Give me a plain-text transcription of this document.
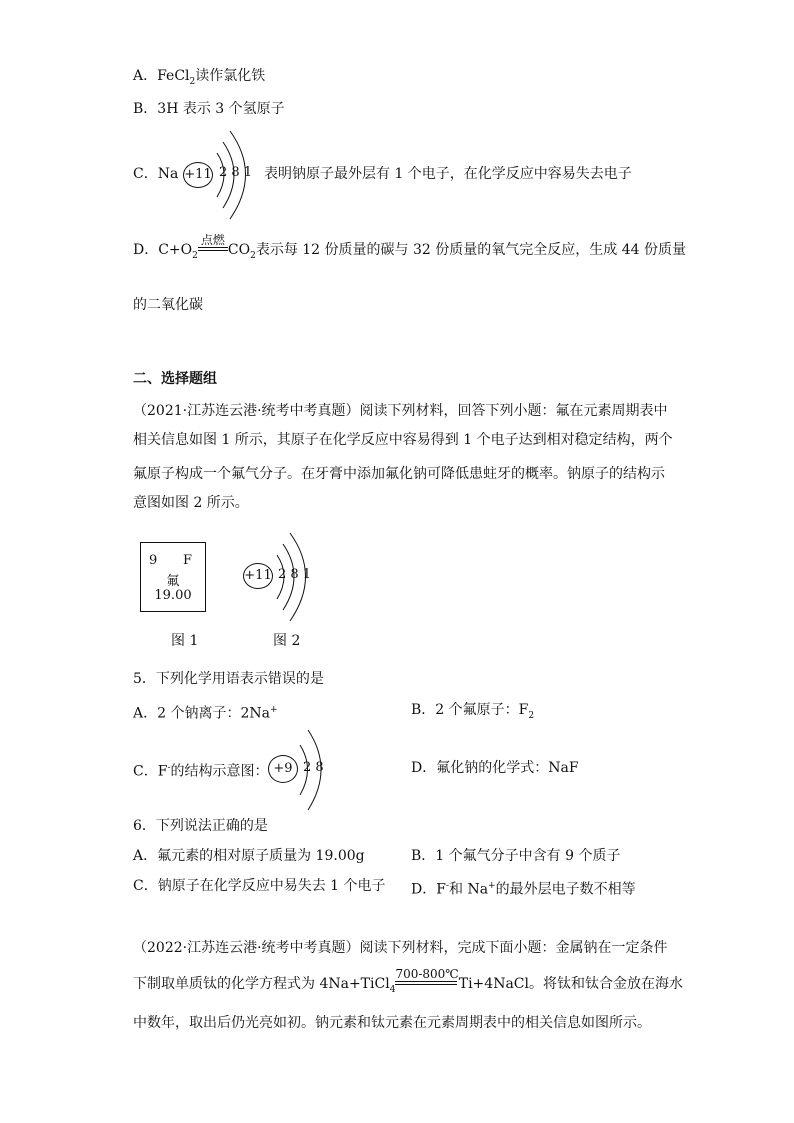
A．FeCl$_2$读作氯化铁
B．3H 表示 3 个氢原子
C．Na +11 2 8 1 表明钠原子最外层有 1 个电子，在化学反应中容易失去电子
D．$C+O_2$
点燃
$CO_2$表示每 12 份质量的碳与 32 份质量的氧气完全反应，生成 44 份质量
的二氧化碳
二、选择题组
（2021·江苏连云港·统考中考真题）阅读下列材料，回答下列小题：氟在元素周期表中
相关信息如图 1 所示，其原子在化学反应中容易得到 1 个电子达到相对稳定结构，两个
氟原子构成一个氟气分子。在牙膏中添加氟化钠可降低患蛀牙的概率。钠原子的结构示
意图如图 2 所示。
9 F
氟
19.00
图 1
+11 2 8 1
图 2
5．下列化学用语表示错误的是
A．2 个钠离子：2Na+	B．2 个氟原子：$F_2$
C．F-的结构示意图： +9 2 8	D．氟化钠的化学式：NaF
6．下列说法正确的是
A．氟元素的相对原子质量为 19.00g	B．1 个氟气分子中含有 9 个质子
C．钠原子在化学反应中易失去 1 个电子 D．F-和 Na+的最外层电子数不相等
（2022·江苏连云港·统考中考真题）阅读下列材料，完成下面小题：金属钠在一定条件
下制取单质钛的化学方程式为 4Na+TiCl$_4$
700-800℃
Ti+4NaCl。将钛和钛合金放在海水
中数年，取出后仍光亮如初。钠元素和钛元素在元素周期表中的相关信息如图所示。
